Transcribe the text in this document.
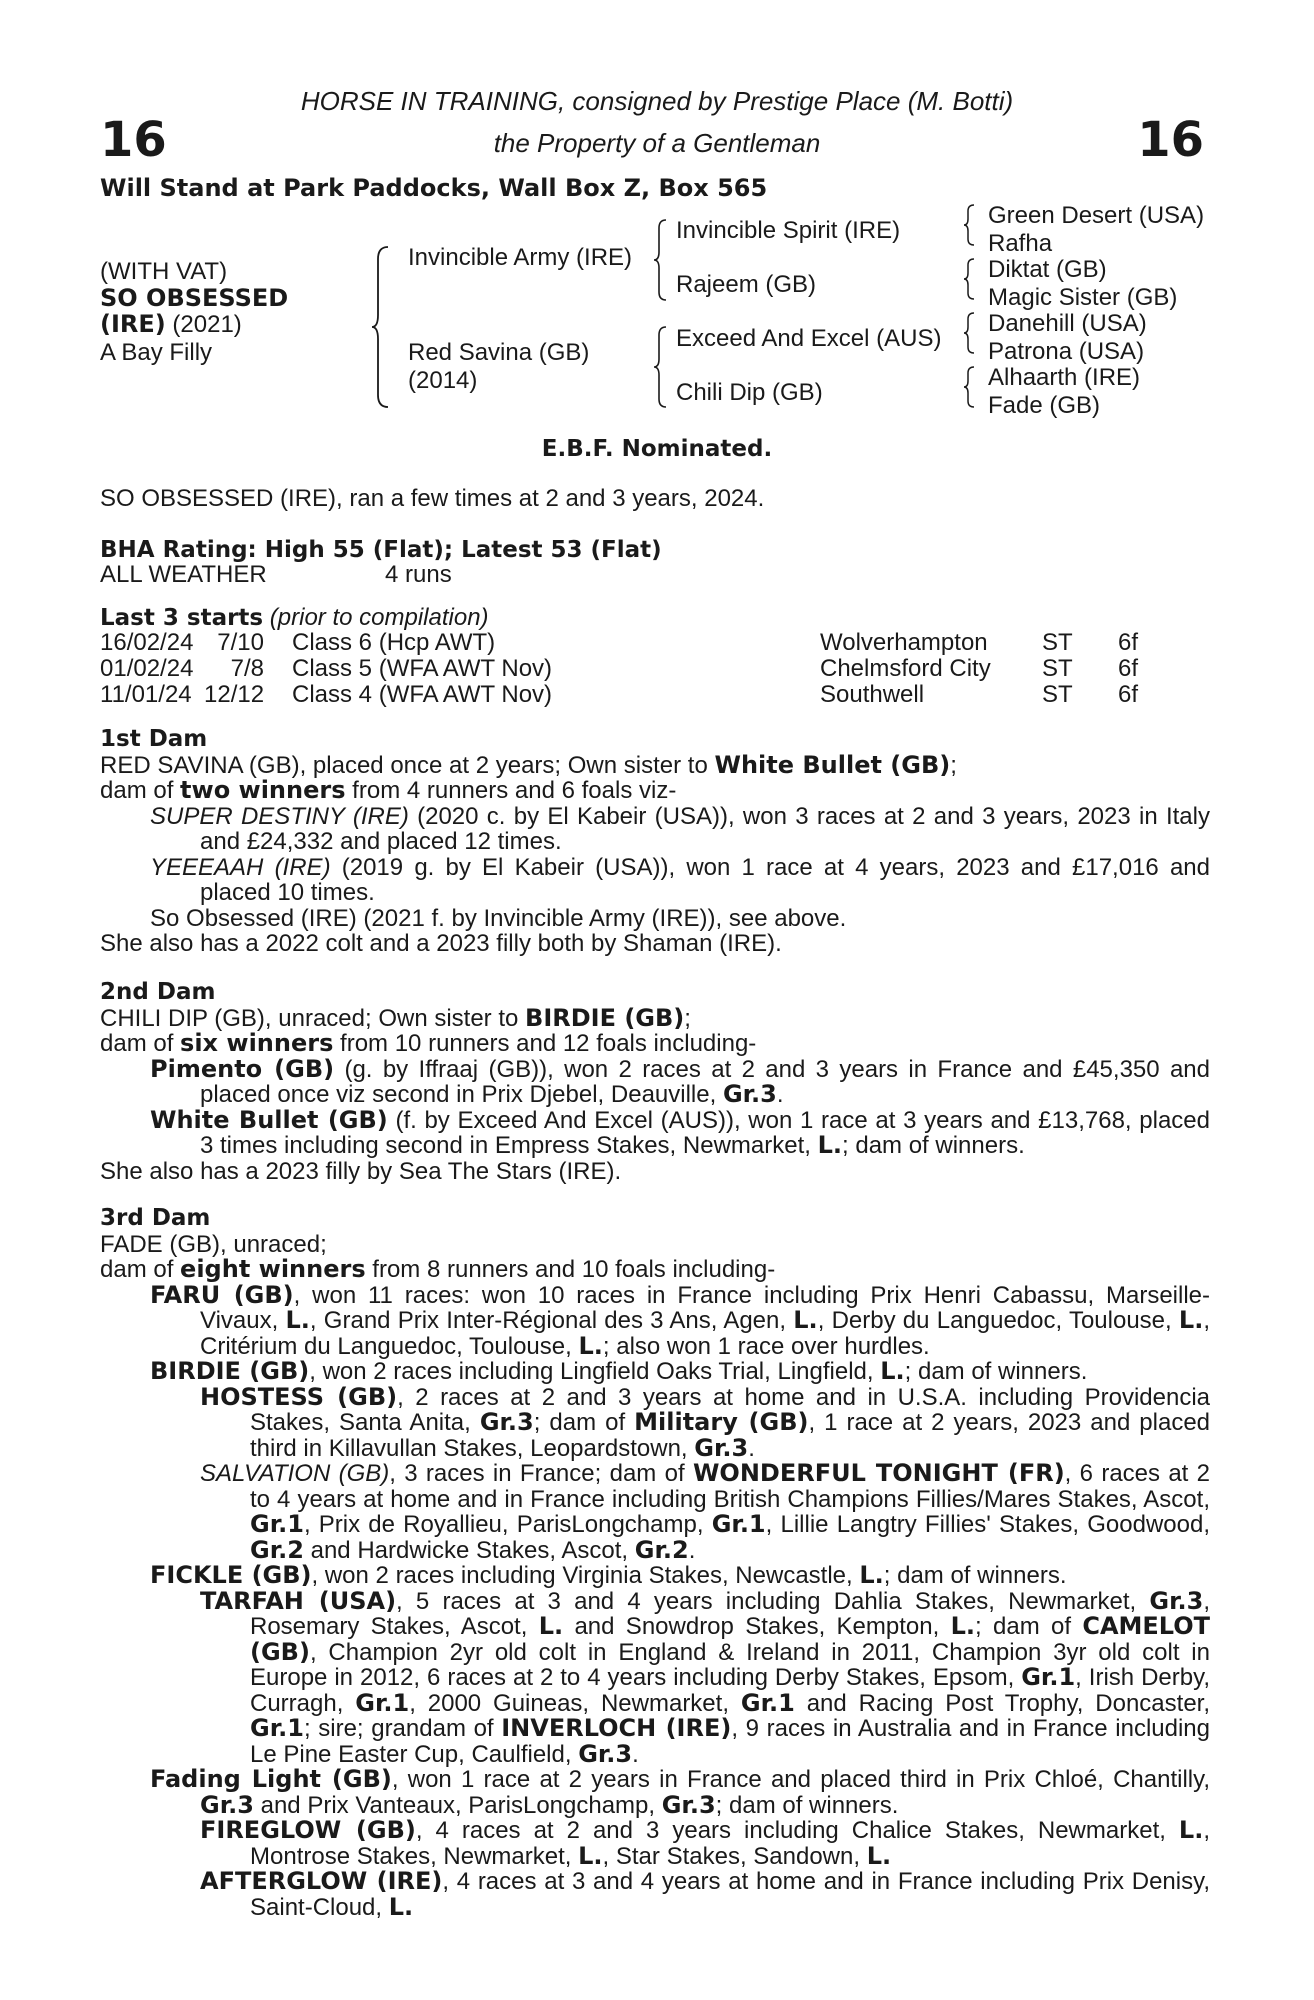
HORSE IN TRAINING, consigned by Prestige Place (M. Botti)
the Property of a Gentleman
16	16
Will Stand at Park Paddocks, Wall Box Z, Box 565
(WITH VAT)
SO OBSESSED
(IRE) (2021)
A Bay Filly
Invincible Army (IRE)
Red Savina (GB)
(2014)
Invincible Spirit (IRE)
Rajeem (GB)
Exceed And Excel (AUS)
Chili Dip (GB)
Green Desert (USA)
Rafha
Diktat (GB)
Magic Sister (GB)
Danehill (USA)
Patrona (USA)
Alhaarth (IRE)
Fade (GB)
E.B.F. Nominated.
SO OBSESSED (IRE), ran a few times at 2 and 3 years, 2024.
BHA Rating: High 55 (Flat); Latest 53 (Flat)
ALL WEATHER	4 runs
Last 3 starts (prior to compilation)
16/02/24 7/10 Class 6 (Hcp AWT)	Wolverhampton ST 6f
01/02/24	7/8 Class 5 (WFA AWT Nov)	Chelmsford City ST 6f
11/01/24 12/12 Class 4 (WFA AWT Nov)	Southwell	ST 6f

1st Dam

RED SAVINA (GB), placed once at 2 years; Own sister to White Bullet (GB);

dam of two winners from 4 runners and 6 foals viz-

SUPER DESTINY (IRE) (2020 c. by El Kabeir (USA)), won 3 races at 2 and 3 years, 2023 in Italy and £24,332 and placed 12 times.

YEEEAAH (IRE) (2019 g. by El Kabeir (USA)), won 1 race at 4 years, 2023 and £17,016 and placed 10 times.

So Obsessed (IRE) (2021 f. by Invincible Army (IRE)), see above.

She also has a 2022 colt and a 2023 filly both by Shaman (IRE).

2nd Dam

CHILI DIP (GB), unraced; Own sister to BIRDIE (GB);

dam of six winners from 10 runners and 12 foals including-

Pimento (GB) (g. by Iffraaj (GB)), won 2 races at 2 and 3 years in France and £45,350 and placed once viz second in Prix Djebel, Deauville, Gr.3.

White Bullet (GB) (f. by Exceed And Excel (AUS)), won 1 race at 3 years and £13,768, placed 3 times including second in Empress Stakes, Newmarket, L.; dam of winners.

She also has a 2023 filly by Sea The Stars (IRE).

3rd Dam

FADE (GB), unraced;

dam of eight winners from 8 runners and 10 foals including-

FARU (GB), won 11 races: won 10 races in France including Prix Henri Cabassu, Marseille-Vivaux, L., Grand Prix Inter-Régional des 3 Ans, Agen, L., Derby du Languedoc, Toulouse, L., Critérium du Languedoc, Toulouse, L.; also won 1 race over hurdles.

BIRDIE (GB), won 2 races including Lingfield Oaks Trial, Lingfield, L.; dam of winners.

HOSTESS (GB), 2 races at 2 and 3 years at home and in U.S.A. including Providencia Stakes, Santa Anita, Gr.3; dam of Military (GB), 1 race at 2 years, 2023 and placed third in Killavullan Stakes, Leopardstown, Gr.3.

SALVATION (GB), 3 races in France; dam of WONDERFUL TONIGHT (FR), 6 races at 2 to 4 years at home and in France including British Champions Fillies/Mares Stakes, Ascot, Gr.1, Prix de Royallieu, ParisLongchamp, Gr.1, Lillie Langtry Fillies' Stakes, Goodwood, Gr.2 and Hardwicke Stakes, Ascot, Gr.2.

FICKLE (GB), won 2 races including Virginia Stakes, Newcastle, L.; dam of winners.

TARFAH (USA), 5 races at 3 and 4 years including Dahlia Stakes, Newmarket, Gr.3, Rosemary Stakes, Ascot, L. and Snowdrop Stakes, Kempton, L.; dam of CAMELOT (GB), Champion 2yr old colt in England & Ireland in 2011, Champion 3yr old colt in Europe in 2012, 6 races at 2 to 4 years including Derby Stakes, Epsom, Gr.1, Irish Derby, Curragh, Gr.1, 2000 Guineas, Newmarket, Gr.1 and Racing Post Trophy, Doncaster, Gr.1; sire; grandam of INVERLOCH (IRE), 9 races in Australia and in France including Le Pine Easter Cup, Caulfield, Gr.3.

Fading Light (GB), won 1 race at 2 years in France and placed third in Prix Chloé, Chantilly, Gr.3 and Prix Vanteaux, ParisLongchamp, Gr.3; dam of winners.

FIREGLOW (GB), 4 races at 2 and 3 years including Chalice Stakes, Newmarket, L., Montrose Stakes, Newmarket, L., Star Stakes, Sandown, L.

AFTERGLOW (IRE), 4 races at 3 and 4 years at home and in France including Prix Denisy, Saint-Cloud, L.
